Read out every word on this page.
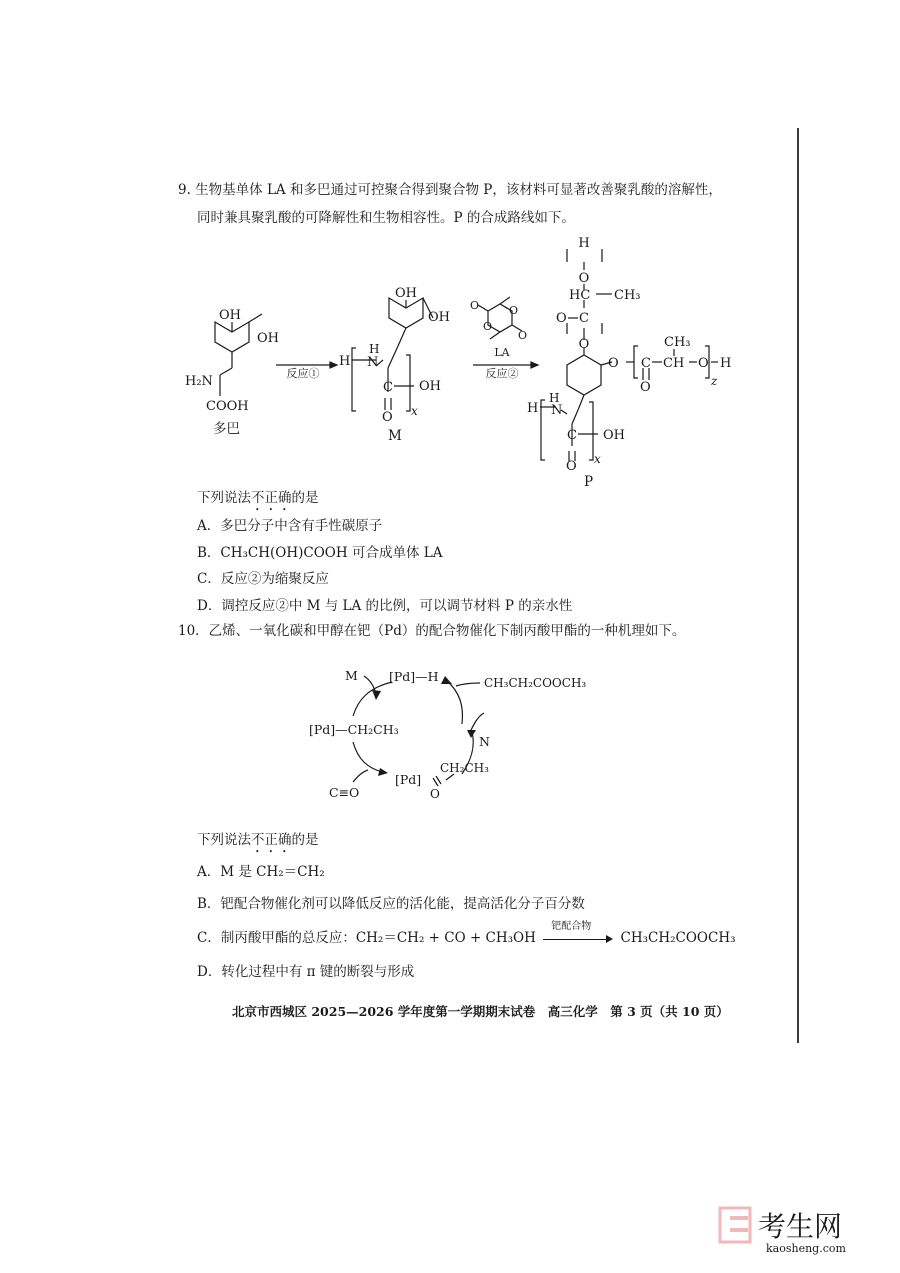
9. 生物基单体 LA 和多巴通过可控聚合得到聚合物 P，该材料可显著改善聚乳酸的溶解性，
同时兼具聚乳酸的可降解性和生物相容性。P 的合成路线如下。
OH
OH
H₂N
COOH
多巴
反应①
OH
OH
H
H
N
C
O
OH
x
M
O
O
O
O
LA
反应②
H
O
HC CH₃
O C
O
O C
O
CH₃
CH O
z
H
H
H
N
C
O
OH
x
P
下列说法不正确的是
A．多巴分子中含有手性碳原子
B．CH₃CH(OH)COOH 可合成单体 LA
C．反应②为缩聚反应
D．调控反应②中 M 与 LA 的比例，可以调节材料 P 的亲水性
10．乙烯、一氧化碳和甲醇在钯（Pd）的配合物催化下制丙酸甲酯的一种机理如下。
M [Pd]—H	CH₃CH₂COOCH₃
[Pd]—CH₂CH₃
N
[Pd]
CH₂CH₃
O
C≡O
下列说法不正确的是
A．M 是 CH₂＝CH₂
B．钯配合物催化剂可以降低反应的活化能，提高活化分子百分数
C．制丙酸甲酯的总反应：CH₂＝CH₂ + CO + CH₃OH
钯配合物
CH₃CH₂COOCH₃
D．转化过程中有 π 键的断裂与形成
北京市西城区 2025—2026 学年度第一学期期末试卷　高三化学　第 3 页（共 10 页）
考生网
kaosheng.com
